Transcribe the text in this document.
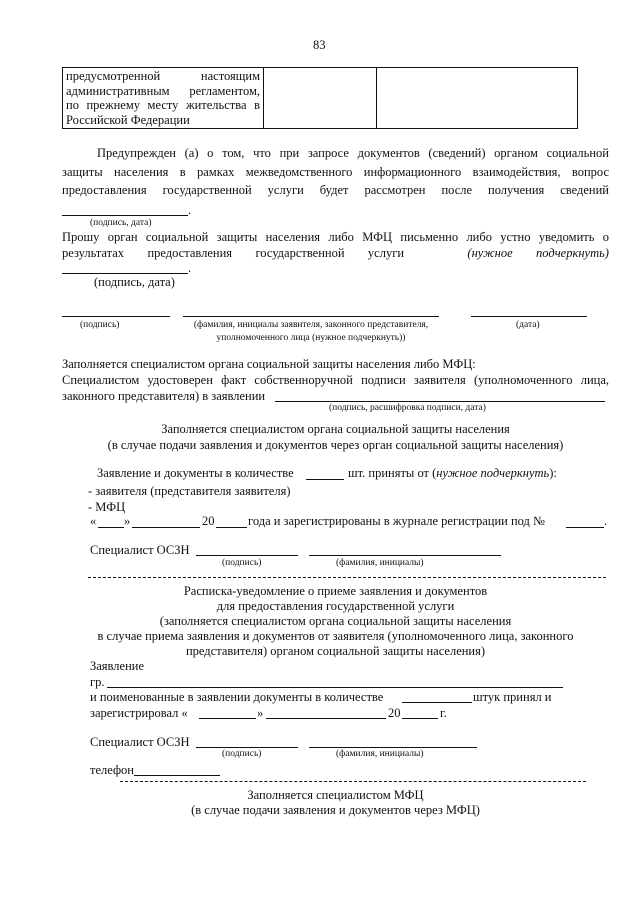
83
предусмотренной настоящим
административным регламентом,
по прежнему месту жительства в
Российской Федерации

Предупрежден (а) о том, что при запросе документов (сведений) органом социальной
защиты населения в рамках межведомственного информационного взаимодействия, вопрос
предоставления государственной услуги будет рассмотрен после получения сведений
.
(подпись, дата)
Прошу орган социальной защиты населения либо МФЦ письменно либо устно уведомить о
результатах предоставления государственной услуги	(нужное подчеркнуть)
.
(подпись, дата)
(подпись)	(фамилия, инициалы заявителя, законного представителя,
уполномоченного лица (нужное подчеркнуть))
(дата)
Заполняется специалистом органа социальной защиты населения либо МФЦ:
Специалистом удостоверен факт собственноручной подписи заявителя (уполномоченного лица,
законного представителя) в заявлении
(подпись, расшифровка подписи, дата)
Заполняется специалистом органа социальной защиты населения
(в случае подачи заявления и документов через орган социальной защиты населения)
Заявление и документы в количестве	шт. приняты от (нужное подчеркнуть):
- заявителя (представителя заявителя)
- МФЦ
« »	20	года и зарегистрированы в журнале регистрации под №	.
Специалист ОСЗН
(подпись)	(фамилия, инициалы)
Расписка-уведомление о приеме заявления и документов
для предоставления государственной услуги
(заполняется специалистом органа социальной защиты населения
в случае приема заявления и документов от заявителя (уполномоченного лица, законного
представителя) органом социальной защиты населения)
Заявление
гр.
и поименованные в заявлении документы в количестве	штук принял и
зарегистрировал «	»	20	г.
Специалист ОСЗН
(подпись)	(фамилия, инициалы)
телефон
Заполняется специалистом МФЦ
(в случае подачи заявления и документов через МФЦ)
